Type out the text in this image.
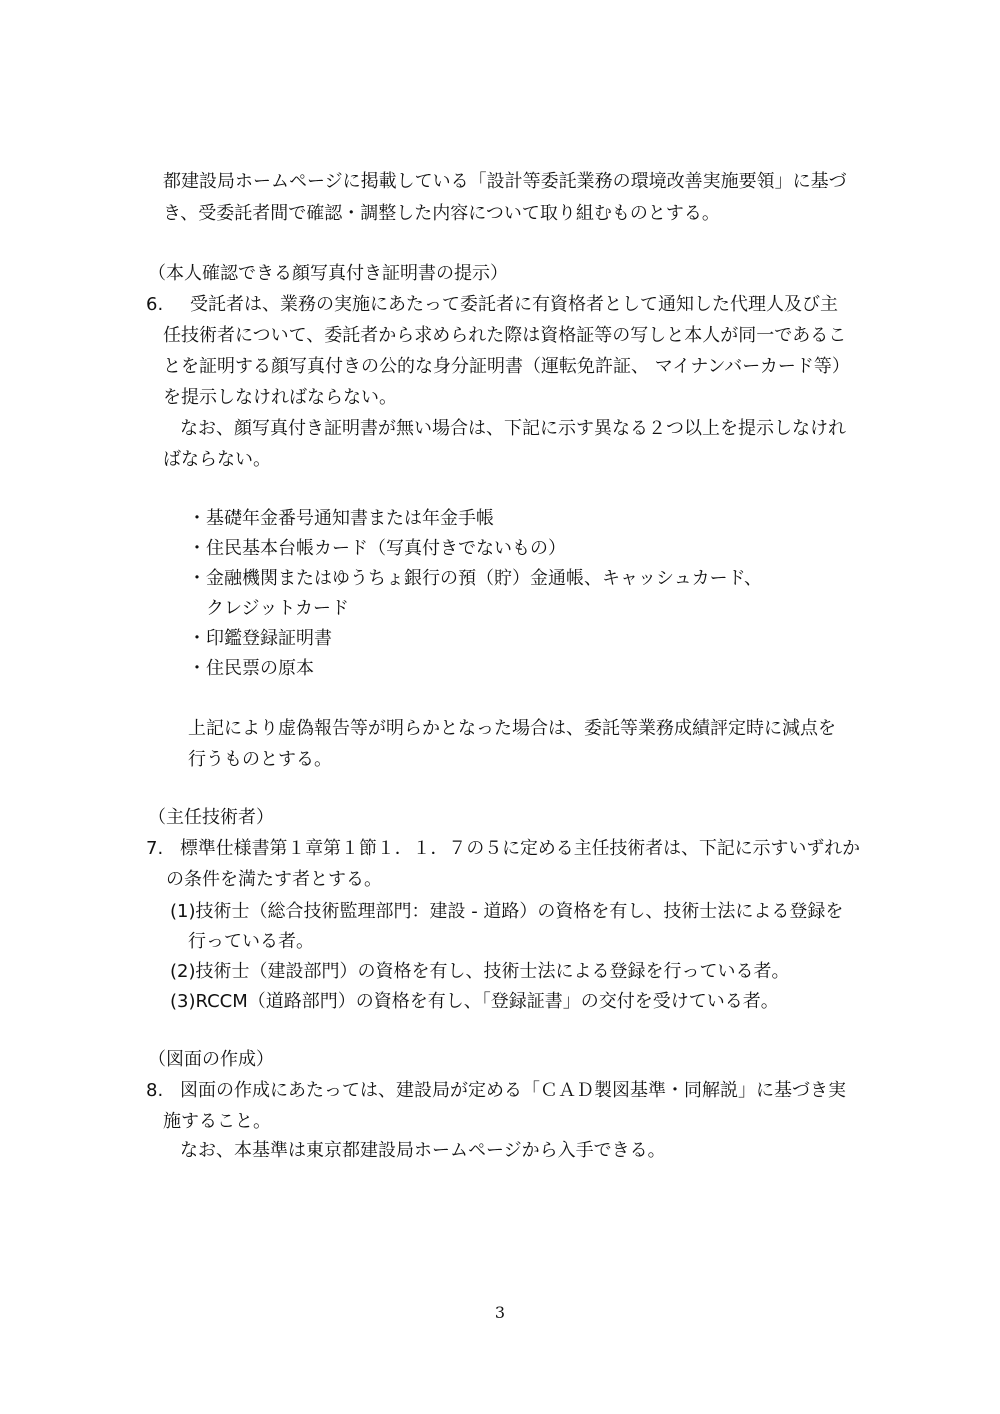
都建設局ホームページに掲載している「設計等委託業務の環境改善実施要領」に基づ
き、受委託者間で確認・調整した内容について取り組むものとする。
（本人確認できる顔写真付き証明書の提示）
6. 受託者は、業務の実施にあたって委託者に有資格者として通知した代理人及び主
任技術者について、委託者から求められた際は資格証等の写しと本人が同一であるこ
とを証明する顔写真付きの公的な身分証明書（運転免許証、 マイナンバーカード等）
を提示しなければならない。
なお、顔写真付き証明書が無い場合は、下記に示す異なる２つ以上を提示しなけれ
ばならない。
・基礎年金番号通知書または年金手帳
・住民基本台帳カード（写真付きでないもの）
・金融機関またはゆうちょ銀行の預（貯）金通帳、キャッシュカード、
　クレジットカード
・印鑑登録証明書
・住民票の原本
上記により虚偽報告等が明らかとなった場合は、委託等業務成績評定時に減点を
行うものとする。
（主任技術者）
7. 標準仕様書第１章第１節１．１．７の５に定める主任技術者は、下記に示すいずれか
の条件を満たす者とする。
(1)技術士（総合技術監理部門：建設 - 道路）の資格を有し、技術士法による登録を
行っている者。
(2)技術士（建設部門）の資格を有し、技術士法による登録を行っている者。
(3)RCCM（道路部門）の資格を有し、「登録証書」の交付を受けている者。
（図面の作成）
8. 図面の作成にあたっては、建設局が定める「ＣＡＤ製図基準・同解説」に基づき実
施すること。
なお、本基準は東京都建設局ホームページから入手できる。
3
